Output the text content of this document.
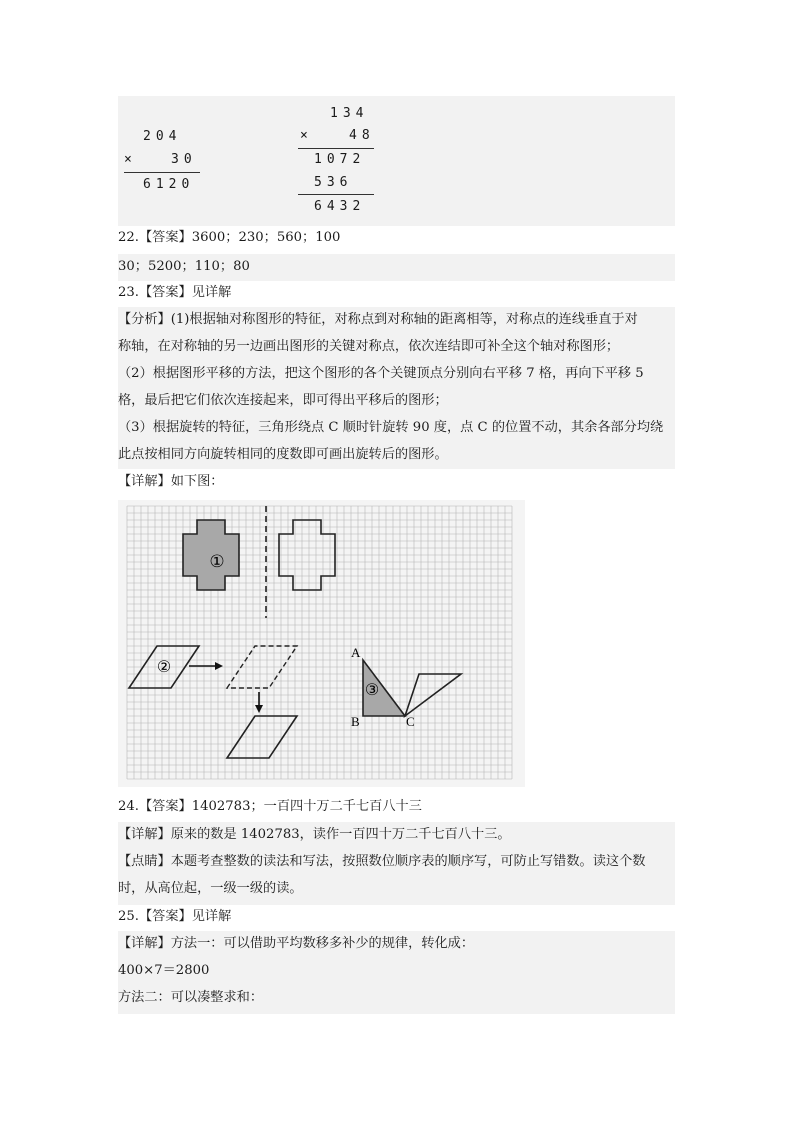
204
×	30
6120
134
×	48
1072
536
6432
22.【答案】3600；230；560；100
30；5200；110；80
23.【答案】见详解
【分析】(1)根据轴对称图形的特征，对称点到对称轴的距离相等，对称点的连线垂直于对
称轴，在对称轴的另一边画出图形的关键对称点，依次连结即可补全这个轴对称图形；
（2）根据图形平移的方法，把这个图形的各个关键顶点分别向右平移 7 格，再向下平移 5
格，最后把它们依次连接起来，即可得出平移后的图形；
（3）根据旋转的特征，三角形绕点 C 顺时针旋转 90 度，点 C 的位置不动，其余各部分均绕
此点按相同方向旋转相同的度数即可画出旋转后的图形。
【详解】如下图：
①
②
③
A
B	C
24.【答案】1402783；一百四十万二千七百八十三
【详解】原来的数是 1402783，读作一百四十万二千七百八十三。
【点睛】本题考查整数的读法和写法，按照数位顺序表的顺序写，可防止写错数。读这个数
时，从高位起，一级一级的读。
25.【答案】见详解
【详解】方法一：可以借助平均数移多补少的规律，转化成：
400×7＝2800
方法二：可以凑整求和：
